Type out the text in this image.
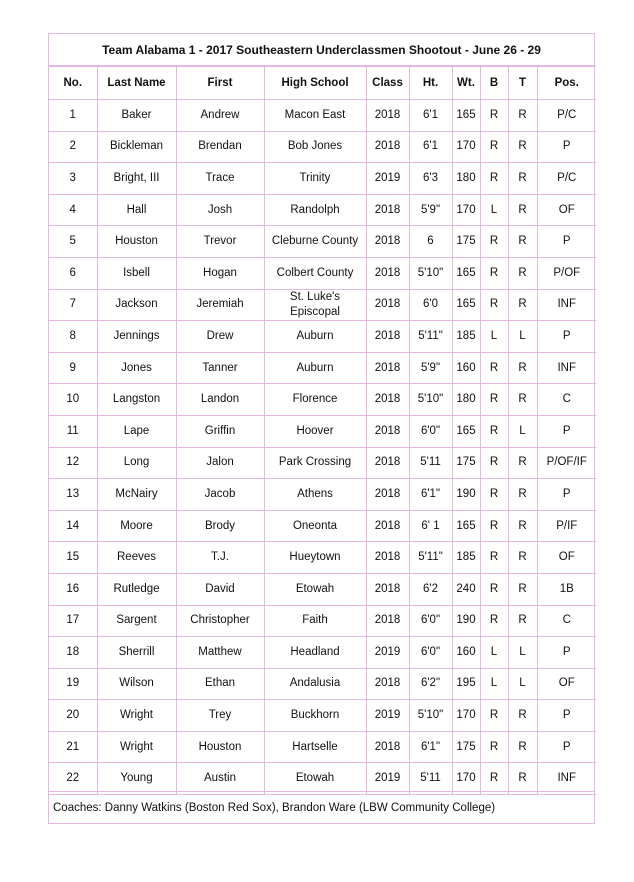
Team Alabama 1 - 2017 Southeastern Underclassmen Shootout - June 26 - 29
No.	Last Name	First	High School	Class	Ht.	Wt.	B	T	Pos.
1	Baker	Andrew	Macon East	2018	6'1	165	R	R	P/C
2	Bickleman	Brendan	Bob Jones	2018	6'1	170	R	R	P
3	Bright, III	Trace	Trinity	2019	6'3	180	R	R	P/C
4	Hall	Josh	Randolph	2018	5'9"	170	L	R	OF
5	Houston	Trevor	Cleburne County	2018	6	175	R	R	P
6	Isbell	Hogan	Colbert County	2018	5'10"	165	R	R	P/OF
7	Jackson	Jeremiah	St. Luke's Episcopal	2018	6'0	165	R	R	INF
8	Jennings	Drew	Auburn	2018	5'11"	185	L	L	P
9	Jones	Tanner	Auburn	2018	5'9"	160	R	R	INF
10	Langston	Landon	Florence	2018	5'10"	180	R	R	C
11	Lape	Griffin	Hoover	2018	6'0"	165	R	L	P
12	Long	Jalon	Park Crossing	2018	5'11	175	R	R	P/OF/IF
13	McNairy	Jacob	Athens	2018	6'1"	190	R	R	P
14	Moore	Brody	Oneonta	2018	6' 1	165	R	R	P/IF
15	Reeves	T.J.	Hueytown	2018	5'11"	185	R	R	OF
16	Rutledge	David	Etowah	2018	6'2	240	R	R	1B
17	Sargent	Christopher	Faith	2018	6'0"	190	R	R	C
18	Sherrill	Matthew	Headland	2019	6'0"	160	L	L	P
19	Wilson	Ethan	Andalusia	2018	6'2"	195	L	L	OF
20	Wright	Trey	Buckhorn	2019	5'10"	170	R	R	P
21	Wright	Houston	Hartselle	2018	6'1"	175	R	R	P
22	Young	Austin	Etowah	2019	5'11	170	R	R	INF
Coaches: Danny Watkins (Boston Red Sox), Brandon Ware (LBW Community College)
